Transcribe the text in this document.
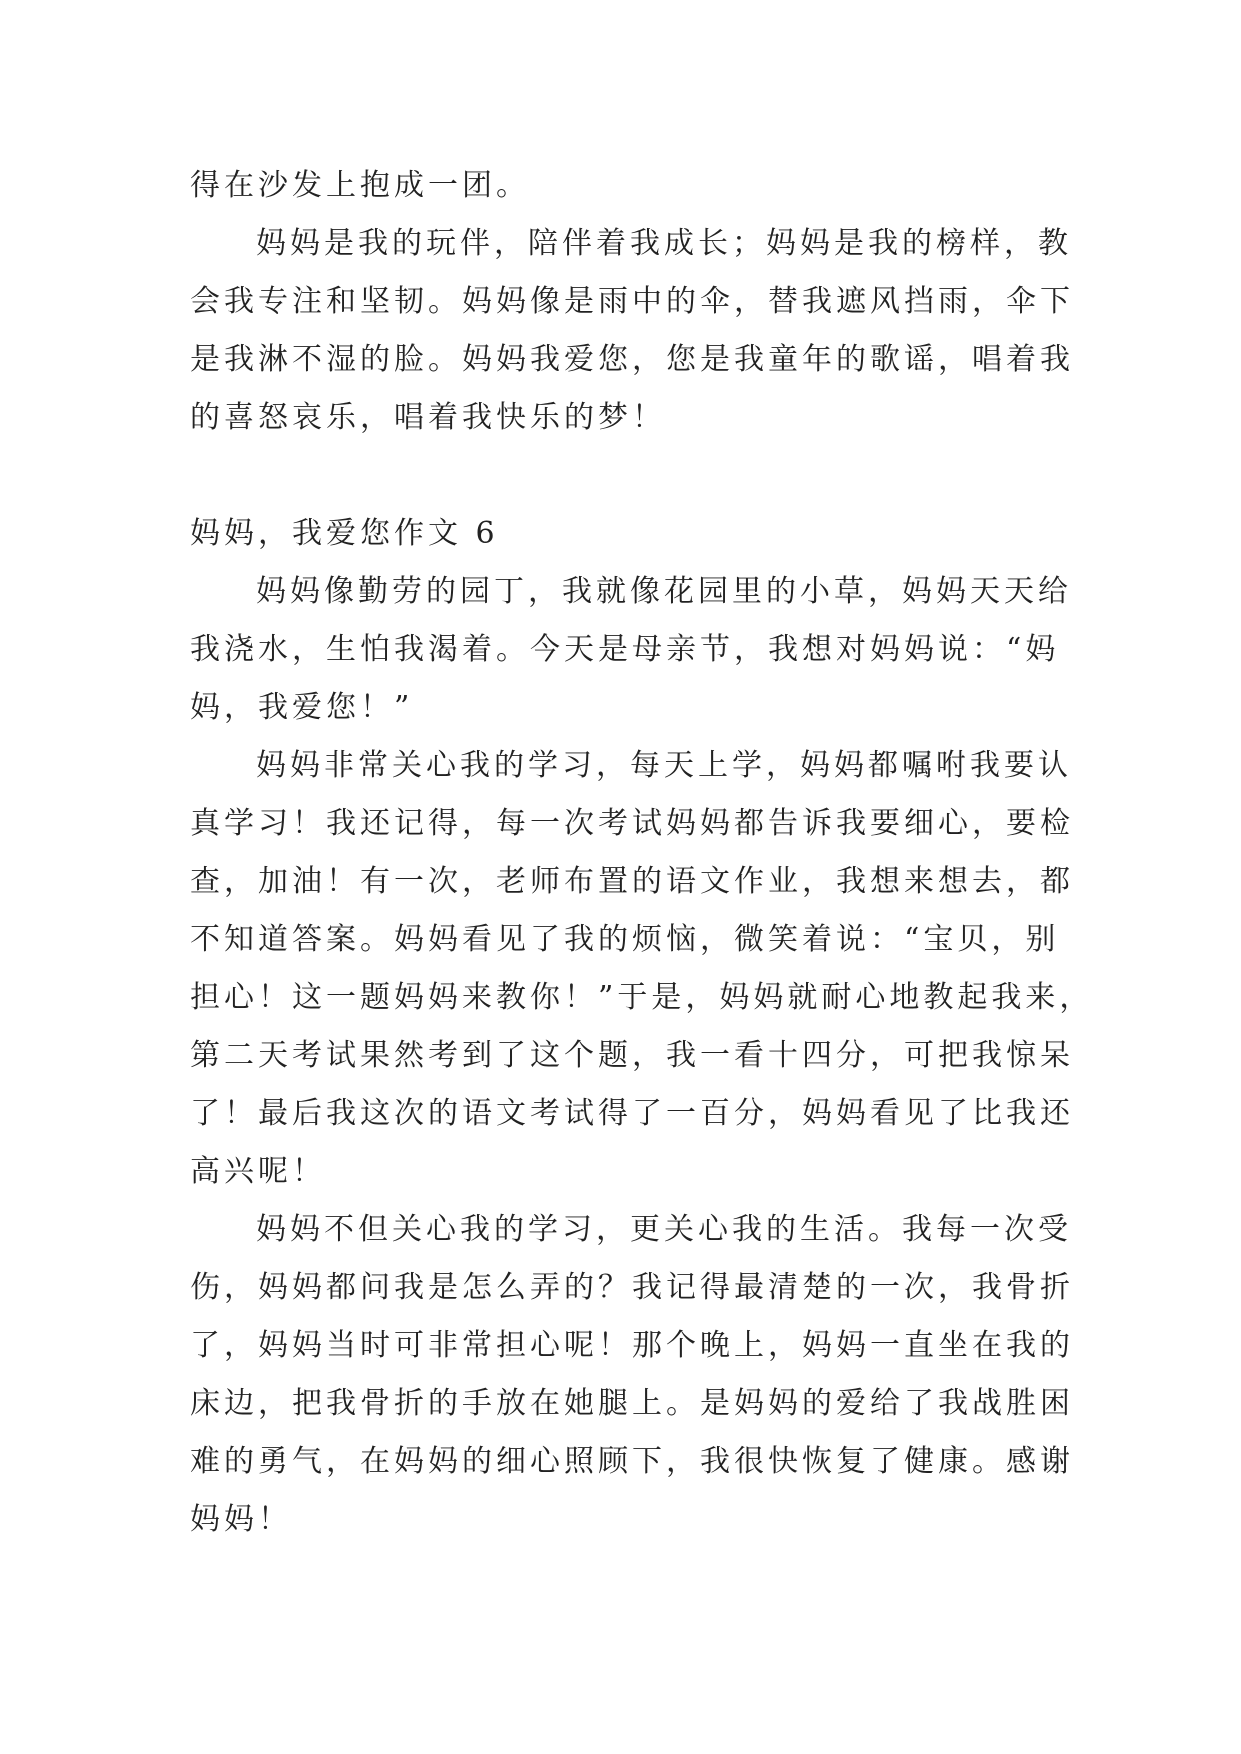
得在沙发上抱成一团。
妈妈是我的玩伴，陪伴着我成长；妈妈是我的榜样，教
会我专注和坚韧。妈妈像是雨中的伞，替我遮风挡雨，伞下
是我淋不湿的脸。妈妈我爱您，您是我童年的歌谣，唱着我
的喜怒哀乐，唱着我快乐的梦！
妈妈，我爱您作文 6
妈妈像勤劳的园丁，我就像花园里的小草，妈妈天天给
我浇水，生怕我渴着。今天是母亲节，我想对妈妈说：“妈
妈，我爱您！”
妈妈非常关心我的学习，每天上学，妈妈都嘱咐我要认
真学习！我还记得，每一次考试妈妈都告诉我要细心，要检
查，加油！有一次，老师布置的语文作业，我想来想去，都
不知道答案。妈妈看见了我的烦恼，微笑着说：“宝贝，别
担心！这一题妈妈来教你！”于是，妈妈就耐心地教起我来，
第二天考试果然考到了这个题，我一看十四分，可把我惊呆
了！最后我这次的语文考试得了一百分，妈妈看见了比我还
高兴呢！
妈妈不但关心我的学习，更关心我的生活。我每一次受
伤，妈妈都问我是怎么弄的？我记得最清楚的一次，我骨折
了，妈妈当时可非常担心呢！那个晚上，妈妈一直坐在我的
床边，把我骨折的手放在她腿上。是妈妈的爱给了我战胜困
难的勇气，在妈妈的细心照顾下，我很快恢复了健康。感谢
妈妈！
